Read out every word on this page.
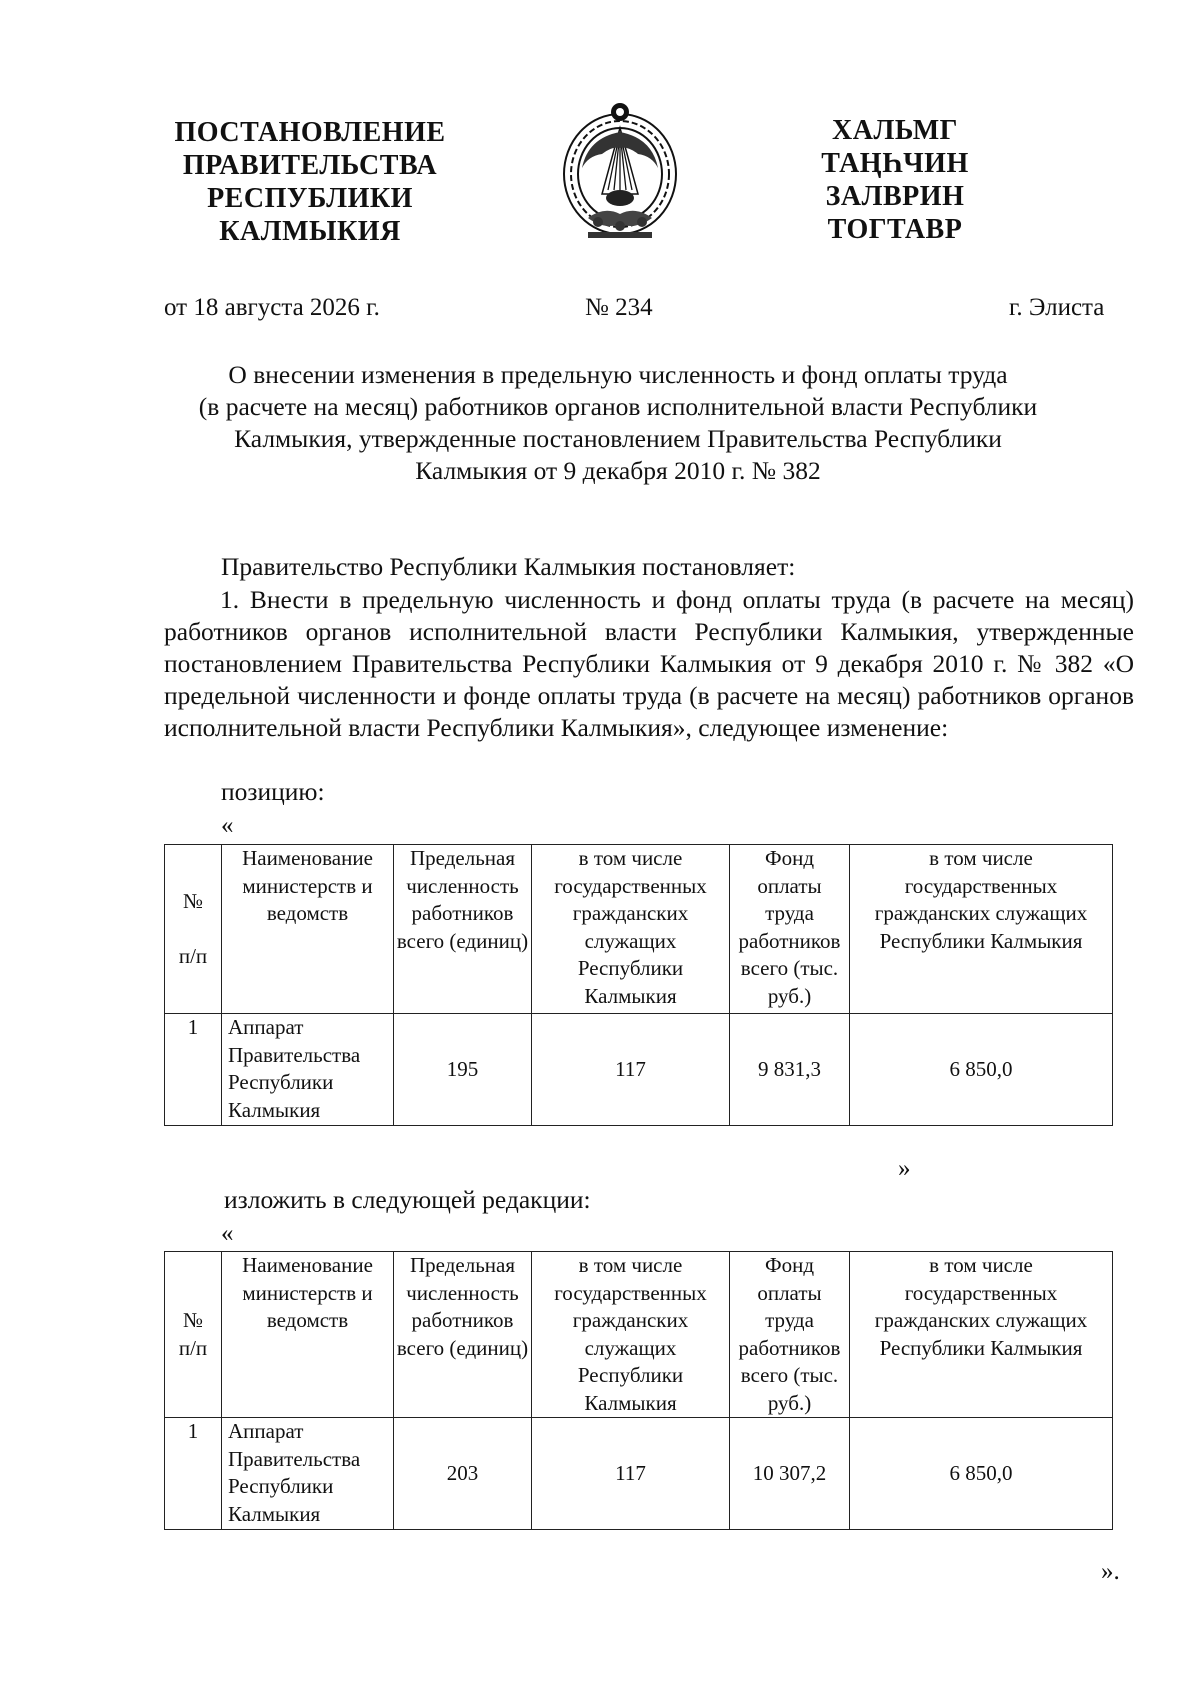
ПОСТАНОВЛЕНИЕ
ПРАВИТЕЛЬСТВА
РЕСПУБЛИКИ
КАЛМЫКИЯ
ХАЛЬМГ
ТАҢҺЧИН
ЗАЛВРИН
ТОГТАВР
от 18 августа 2026 г.	№ 234	г. Элиста
О внесении изменения в предельную численность и фонд оплаты труда
(в расчете на месяц) работников органов исполнительной власти Республики
Калмыкия, утвержденные постановлением Правительства Республики
Калмыкия от 9 декабря 2010 г. № 382
Правительство Республики Калмыкия постановляет:
1. Внести в предельную численность и фонд оплаты труда (в расчете на месяц) работников органов исполнительной власти Республики Калмыкия, утвержденные постановлением Правительства Республики Калмыкия от 9 декабря 2010 г. № 382 «О предельной численности и фонде оплаты труда (в расчете на месяц) работников органов исполнительной власти Республики Калмыкия», следующее изменение:
позицию:
«
№
п/п	Наименование министерств и ведомств	Предельная численность работников всего (единиц)	в том числе государственных гражданских служащих Республики Калмыкия	Фонд оплаты труда работников всего (тыс. руб.)	в том числе государственных гражданских служащих Республики Калмыкия
1	Аппарат Правительства Республики Калмыкия	195	117	9 831,3	6 850,0
»
изложить в следующей редакции:
«
№
п/п	Наименование министерств и ведомств	Предельная численность работников всего (единиц)	в том числе государственных гражданских служащих Республики Калмыкия	Фонд оплаты труда работников всего (тыс. руб.)	в том числе государственных гражданских служащих Республики Калмыкия
1	Аппарат Правительства Республики Калмыкия	203	117	10 307,2	6 850,0
».
